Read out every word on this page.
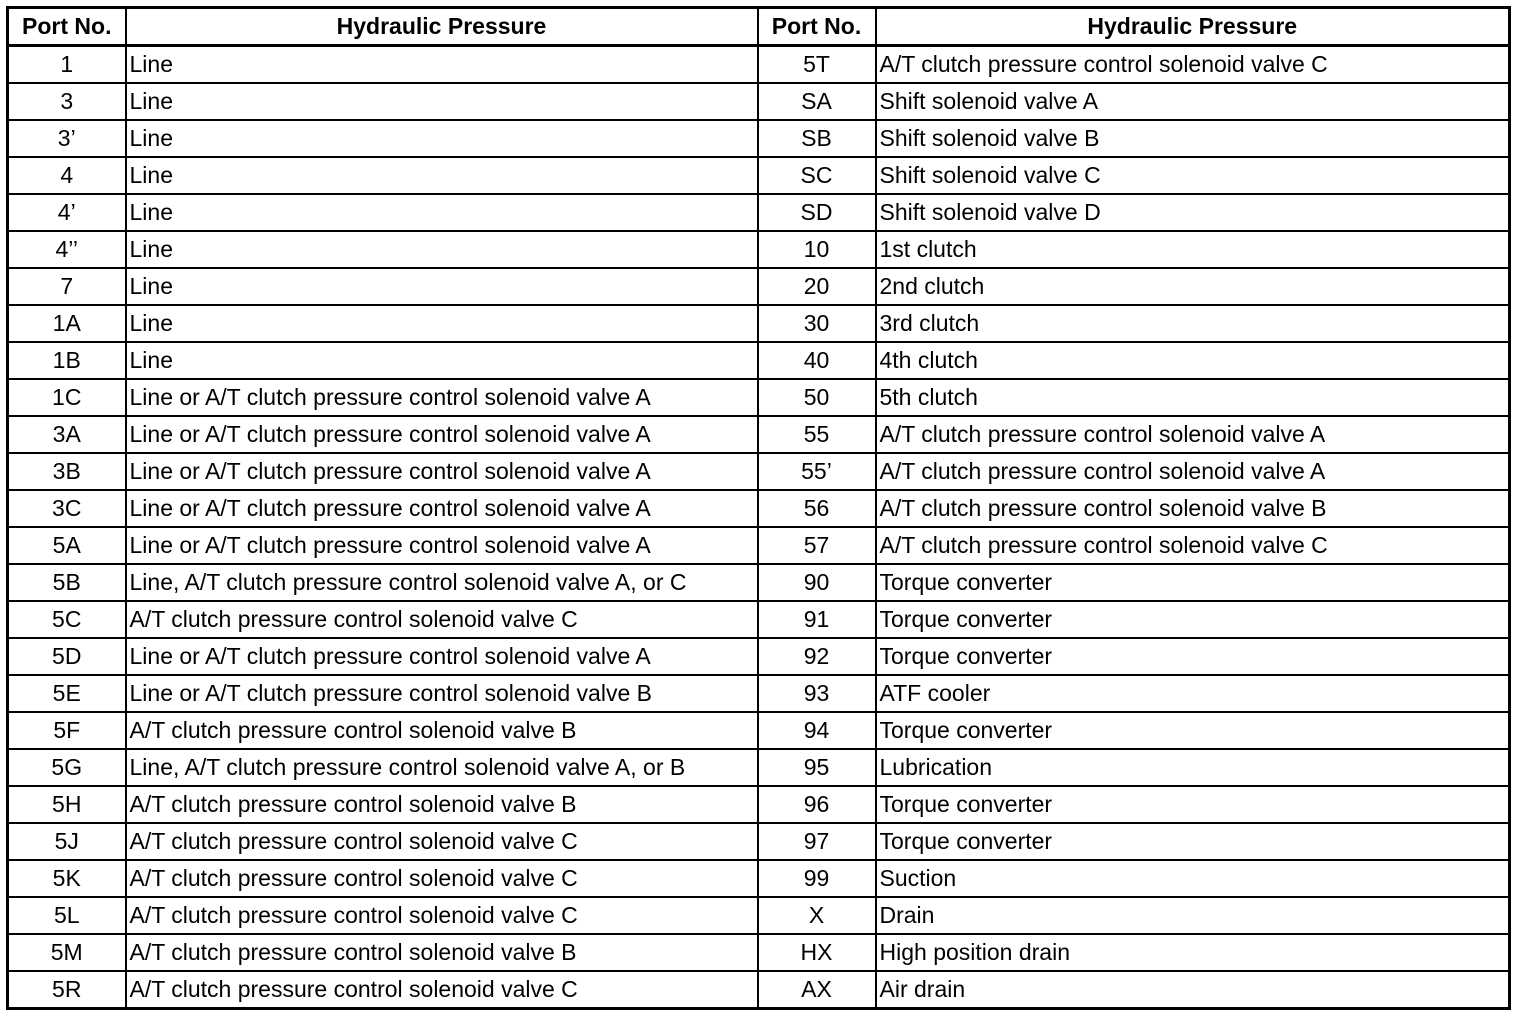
Port No.	Hydraulic Pressure	Port No.	Hydraulic Pressure
1	Line	5T	A/T clutch pressure control solenoid valve C
3	Line	SA	Shift solenoid valve A
3’	Line	SB	Shift solenoid valve B
4	Line	SC	Shift solenoid valve C
4’	Line	SD	Shift solenoid valve D
4’’	Line	10	1st clutch
7	Line	20	2nd clutch
1A	Line	30	3rd clutch
1B	Line	40	4th clutch
1C	Line or A/T clutch pressure control solenoid valve A	50	5th clutch
3A	Line or A/T clutch pressure control solenoid valve A	55	A/T clutch pressure control solenoid valve A
3B	Line or A/T clutch pressure control solenoid valve A	55’	A/T clutch pressure control solenoid valve A
3C	Line or A/T clutch pressure control solenoid valve A	56	A/T clutch pressure control solenoid valve B
5A	Line or A/T clutch pressure control solenoid valve A	57	A/T clutch pressure control solenoid valve C
5B	Line, A/T clutch pressure control solenoid valve A, or C	90	Torque converter
5C	A/T clutch pressure control solenoid valve C	91	Torque converter
5D	Line or A/T clutch pressure control solenoid valve A	92	Torque converter
5E	Line or A/T clutch pressure control solenoid valve B	93	ATF cooler
5F	A/T clutch pressure control solenoid valve B	94	Torque converter
5G	Line, A/T clutch pressure control solenoid valve A, or B	95	Lubrication
5H	A/T clutch pressure control solenoid valve B	96	Torque converter
5J	A/T clutch pressure control solenoid valve C	97	Torque converter
5K	A/T clutch pressure control solenoid valve C	99	Suction
5L	A/T clutch pressure control solenoid valve C	X	Drain
5M	A/T clutch pressure control solenoid valve B	HX	High position drain
5R	A/T clutch pressure control solenoid valve C	AX	Air drain
